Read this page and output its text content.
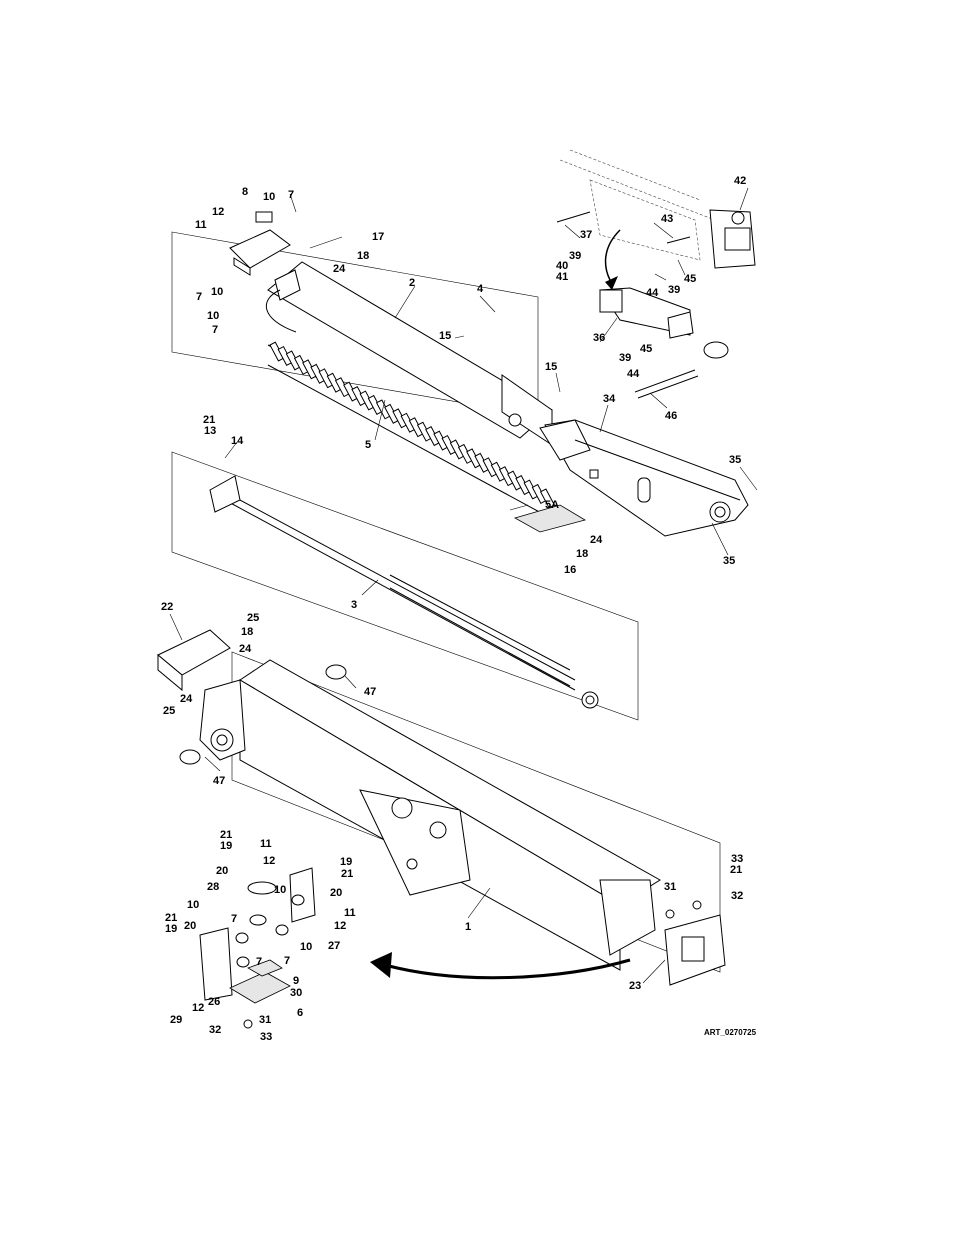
1
2
3
4
5
5A
6
7
7
7
7
7
7
8
9
10
10
10
10
10
10
11
11
11
12
12
12
12
13
14
15
15
16
17
18
18
18
19
19
19
20
20
20
21
21
21
21
21
22
23
24
24
24
24
25
25
26
27
28
29
30
31
31
32
32
33
33
34
35
35
36
37
39
39
39
40
41
42
43
44
44
45
45
46
47
47
ART_0270725
